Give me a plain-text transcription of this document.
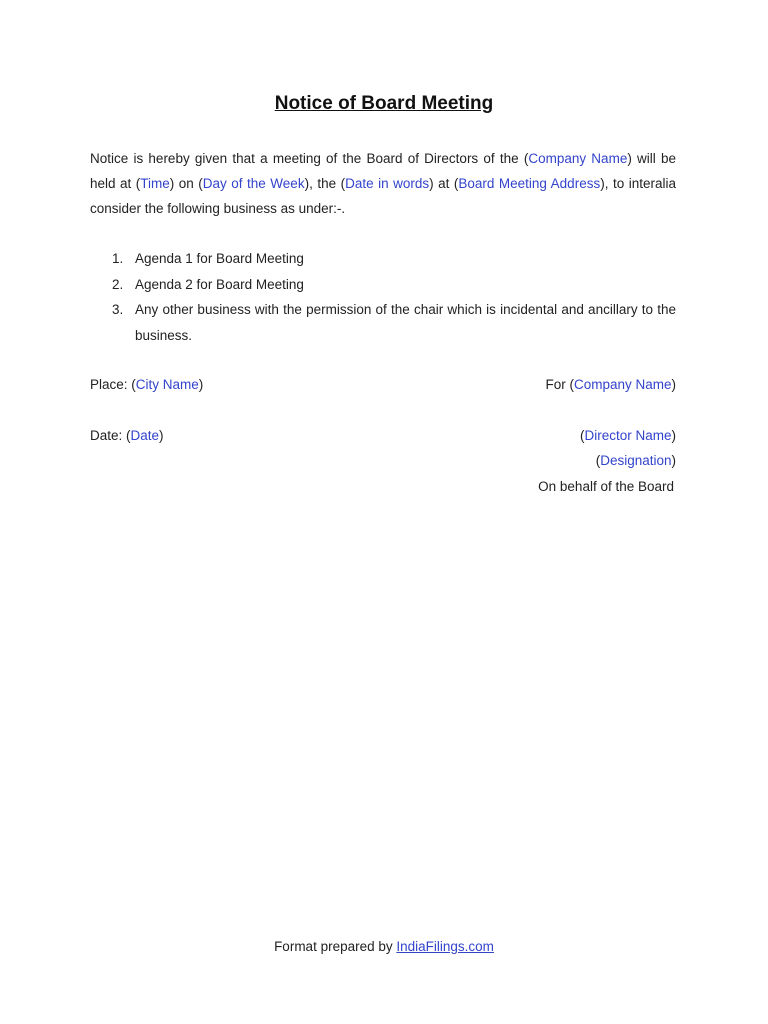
Notice of Board Meeting
Notice is hereby given that a meeting of the Board of Directors of the (Company Name) will be held at (Time) on (Day of the Week), the (Date in words) at (Board Meeting Address), to interalia consider the following business as under:-.
1. Agenda 1 for Board Meeting
2. Agenda 2 for Board Meeting
3. Any other business with the permission of the chair which is incidental and ancillary to the business.
Place: (City Name)	For (Company Name)
Date: (Date)	(Director Name)
(Designation)
On behalf of the Board
Format prepared by IndiaFilings.com
